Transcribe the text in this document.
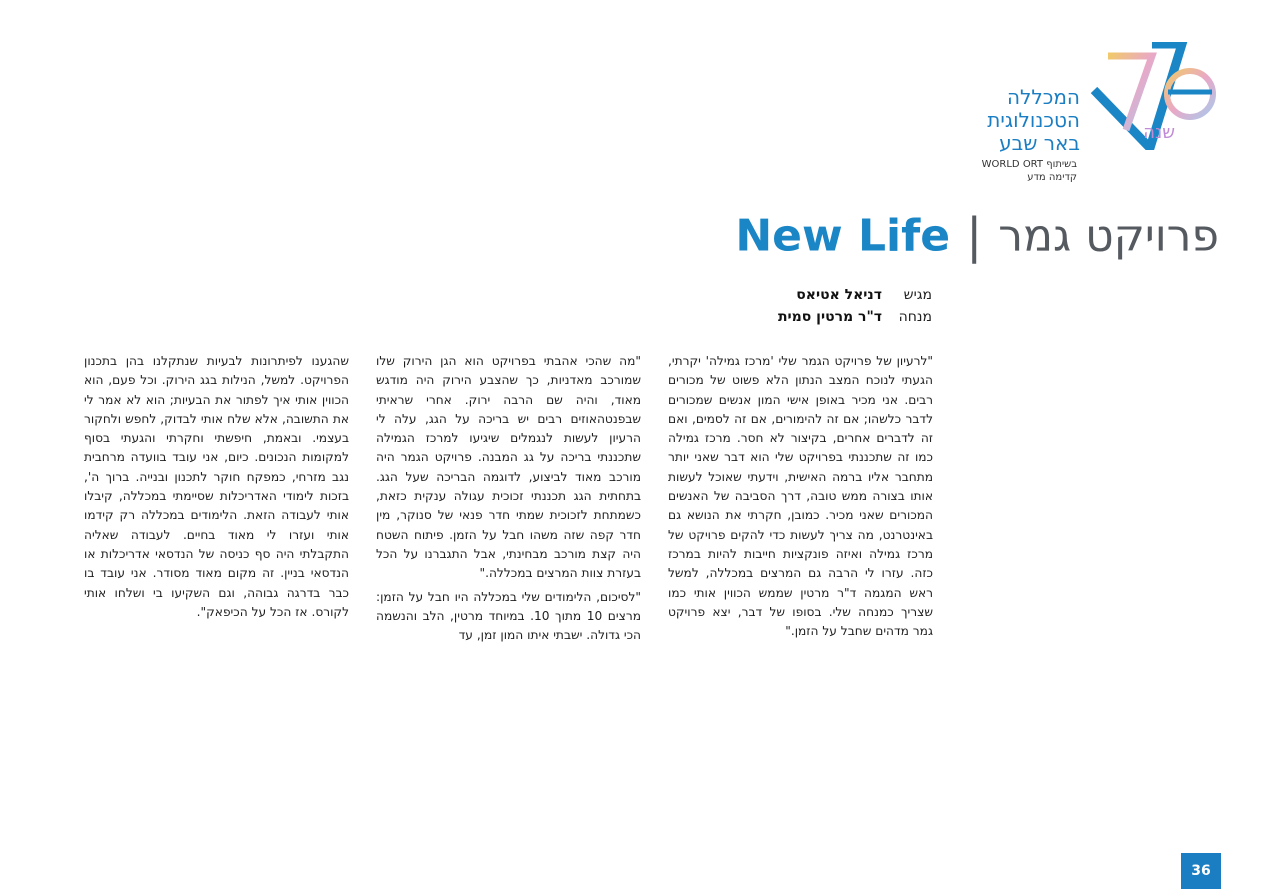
שנה
המכללה
הטכנולוגית
באר שבע
בשיתוף WORLD ORT
קדימה מדע
פרויקט גמר|New Life
מגיש
דניאל אטיאס
מנחה
ד"ר מרטין סמית

"לרעיון של פרויקט הגמר שלי 'מרכז גמילה' יקרתי, הגעתי לנוכח המצב הנתון הלא פשוט של מכורים רבים. אני מכיר באופן אישי המון אנשים שמכורים לדבר כלשהו; אם זה להימורים, אם זה לסמים, ואם זה לדברים אחרים, בקיצור לא חסר. מרכז גמילה כמו זה שתכננתי בפרויקט שלי הוא דבר שאני יותר מתחבר אליו ברמה האישית, וידעתי שאוכל לעשות אותו בצורה ממש טובה, דרך הסביבה של האנשים המכורים שאני מכיר. כמובן, חקרתי את הנושא גם באינטרנט, מה צריך לעשות כדי להקים פרויקט של מרכז גמילה ואיזה פונקציות חייבות להיות במרכז כזה. עזרו לי הרבה גם המרצים במכללה, למשל ראש המגמה ד"ר מרטין שממש הכווין אותי כמו שצריך כמנחה שלי. בסופו של דבר, יצא פרויקט גמר מדהים שחבל על הזמן."

"מה שהכי אהבתי בפרויקט הוא הגן הירוק שלו שמורכב מאדניות, כך שהצבע הירוק היה מודגש מאוד, והיה שם הרבה ירוק. אחרי שראיתי שבפנטהאוזים רבים יש בריכה על הגג, עלה לי הרעיון לעשות לנגמלים שיגיעו למרכז הגמילה שתכננתי בריכה על גג המבנה. פרויקט הגמר היה מורכב מאוד לביצוע, לדוגמה הבריכה שעל הגג. בתחתית הגג תכננתי זכוכית עגולה ענקית כזאת, כשמתחת לזכוכית שמתי חדר פנאי של סנוקר, מין חדר קפה שזה משהו חבל על הזמן. פיתוח השטח היה קצת מורכב מבחינתי, אבל התגברנו על הכל בעזרת צוות המרצים במכללה."

"לסיכום, הלימודים שלי במכללה היו חבל על הזמן: מרצים 10 מתוך 10. במיוחד מרטין, הלב והנשמה הכי גדולה. ישבתי איתו המון זמן, עד

שהגענו לפיתרונות לבעיות שנתקלנו בהן בתכנון הפרויקט. למשל, הנילות בגג הירוק. וכל פעם, הוא הכווין אותי איך לפתור את הבעיות; הוא לא אמר לי את התשובה, אלא שלח אותי לבדוק, לחפש ולחקור בעצמי. ובאמת, חיפשתי וחקרתי והגעתי בסוף למקומות הנכונים. כיום, אני עובד בוועדה מרחבית נגב מזרחי, כמפקח חוקר לתכנון ובנייה. ברוך ה', בזכות לימודי האדריכלות שסיימתי במכללה, קיבלו אותי לעבודה הזאת. הלימודים במכללה רק קידמו אותי ועזרו לי מאוד בחיים. לעבודה שאליה התקבלתי היה סף כניסה של הנדסאי אדריכלות או הנדסאי בניין. זה מקום מאוד מסודר. אני עובד בו כבר בדרגה גבוהה, וגם השקיעו בי ושלחו אותי לקורס. אז הכל על הכיפאק".

36
